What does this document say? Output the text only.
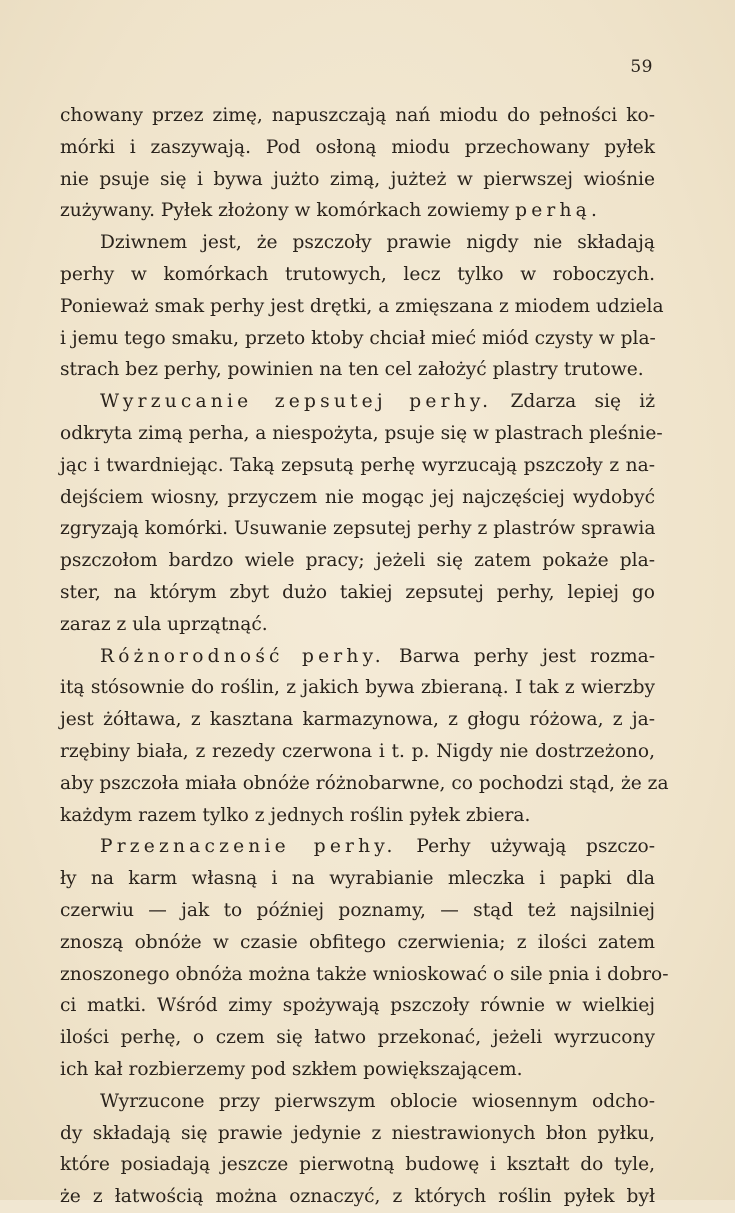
59
chowany przez zimę, napuszczają nań miodu do pełności ko-
mórki i zaszywają. Pod osłoną miodu przechowany pyłek
nie psuje się i bywa jużto zimą, jużteż w pierwszej wiośnie
zużywany. Pyłek złożony w komórkach zowiemy perhą.
Dziwnem jest, że pszczoły prawie nigdy nie składają
perhy w komórkach trutowych, lecz tylko w roboczych.
Ponieważ smak perhy jest drętki, a zmięszana z miodem udziela
i jemu tego smaku, przeto ktoby chciał mieć miód czysty w pla-
strach bez perhy, powinien na ten cel założyć plastry trutowe.
Wyrzucanie zepsutej perhy. Zdarza się iż
odkryta zimą perha, a niespożyta, psuje się w plastrach pleśnie-
jąc i twardniejąc. Taką zepsutą perhę wyrzucają pszczoły z na-
dejściem wiosny, przyczem nie mogąc jej najczęściej wydobyć
zgryzają komórki. Usuwanie zepsutej perhy z plastrów sprawia
pszczołom bardzo wiele pracy; jeżeli się zatem pokaże pla-
ster, na którym zbyt dużo takiej zepsutej perhy, lepiej go
zaraz z ula uprzątnąć.
Różnorodność perhy. Barwa perhy jest rozma-
itą stósownie do roślin, z jakich bywa zbieraną. I tak z wierzby
jest żółtawa, z kasztana karmazynowa, z głogu różowa, z ja-
rzębiny biała, z rezedy czerwona i t. p. Nigdy nie dostrzeżono,
aby pszczoła miała obnóże różnobarwne, co pochodzi stąd, że za
każdym razem tylko z jednych roślin pyłek zbiera.
Przeznaczenie perhy. Perhy używają pszczo-
ły na karm własną i na wyrabianie mleczka i papki dla
czerwiu — jak to później poznamy, — stąd też najsilniej
znoszą obnóże w czasie obfitego czerwienia; z ilości zatem
znoszonego obnóża można także wnioskować o sile pnia i dobro-
ci matki. Wśród zimy spożywają pszczoły równie w wielkiej
ilości perhę, o czem się łatwo przekonać, jeżeli wyrzucony
ich kał rozbierzemy pod szkłem powiększającem.
Wyrzucone przy pierwszym oblocie wiosennym odcho-
dy składają się prawie jedynie z niestrawionych błon pyłku,
które posiadają jeszcze pierwotną budowę i kształt do tyle,
że z łatwością można oznaczyć, z których roślin pyłek był
